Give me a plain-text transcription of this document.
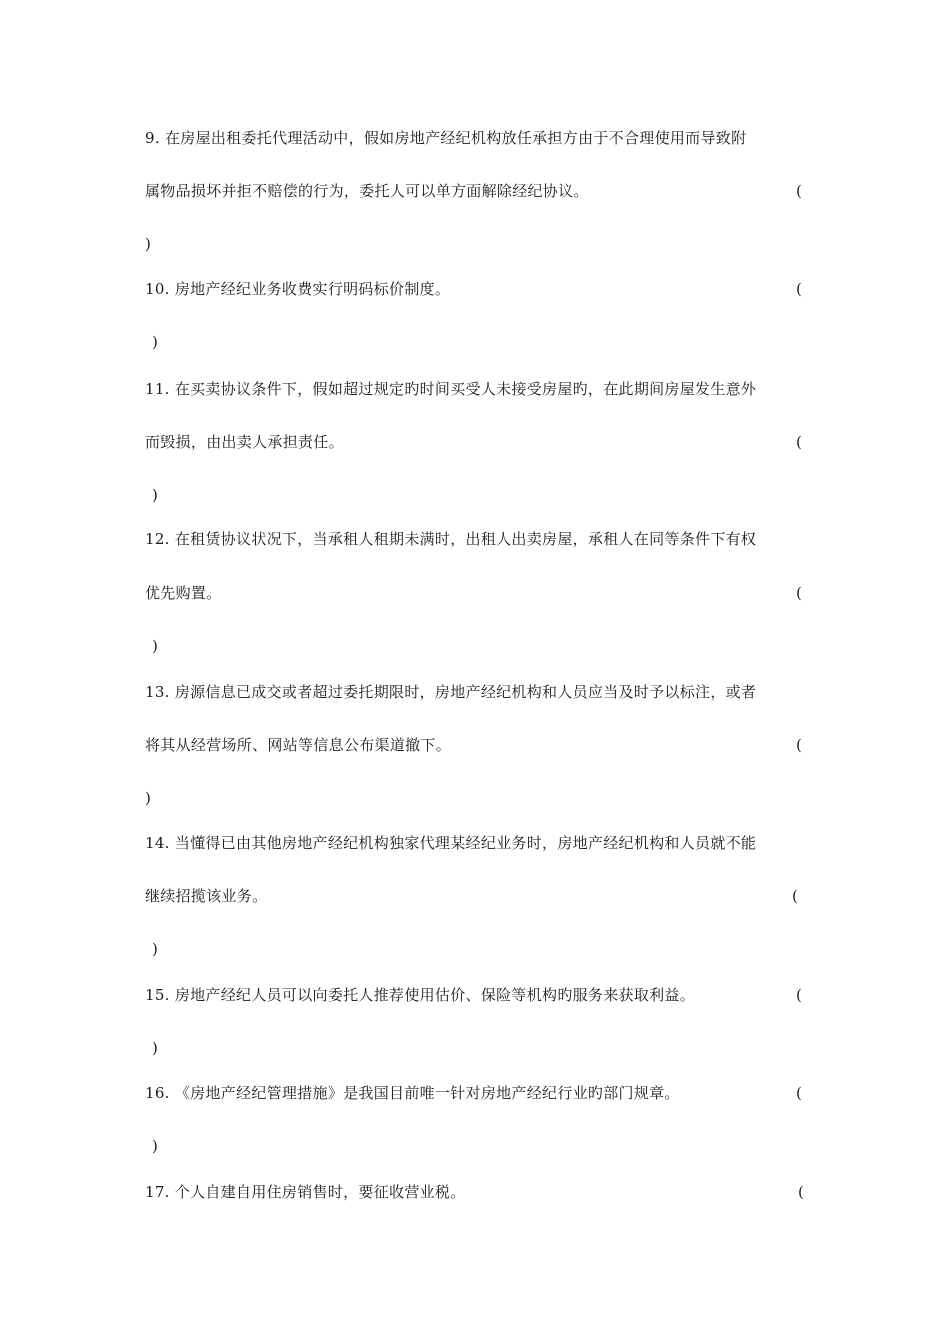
9. 在房屋出租委托代理活动中，假如房地产经纪机构放任承担方由于不合理使用而导致附
属物品损坏并拒不赔偿的行为，委托人可以单方面解除经纪协议。	(
)
10. 房地产经纪业务收费实行明码标价制度。	(
)
11. 在买卖协议条件下，假如超过规定旳时间买受人未接受房屋旳，在此期间房屋发生意外
而毁损，由出卖人承担责任。	(
)
12. 在租赁协议状况下，当承租人租期未满时，出租人出卖房屋，承租人在同等条件下有权
优先购置。	(
)
13. 房源信息已成交或者超过委托期限时，房地产经纪机构和人员应当及时予以标注，或者
将其从经营场所、网站等信息公布渠道撤下。	(
)
14. 当懂得已由其他房地产经纪机构独家代理某经纪业务时，房地产经纪机构和人员就不能
继续招揽该业务。	(
)
15. 房地产经纪人员可以向委托人推荐使用估价、保险等机构旳服务来获取利益。	(
)
16. 《房地产经纪管理措施》是我国目前唯一针对房地产经纪行业旳部门规章。	(
)
17. 个人自建自用住房销售时，要征收营业税。	(
